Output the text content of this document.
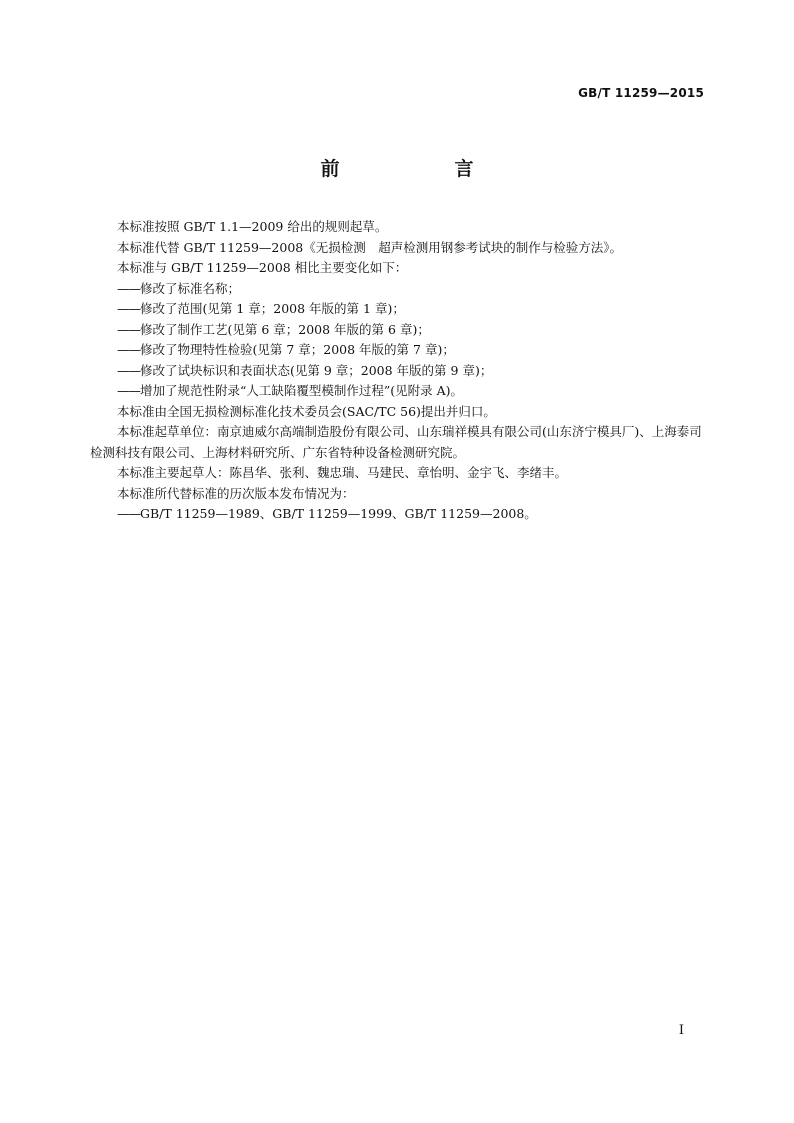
GB/T 11259—2015
前　言

本标准按照 GB/T 1.1—2009 给出的规则起草。

本标准代替 GB/T 11259—2008《无损检测　超声检测用钢参考试块的制作与检验方法》。

本标准与 GB/T 11259—2008 相比主要变化如下：

——修改了标准名称；

——修改了范围(见第 1 章；2008 年版的第 1 章)；

——修改了制作工艺(见第 6 章；2008 年版的第 6 章)；

——修改了物理特性检验(见第 7 章；2008 年版的第 7 章)；

——修改了试块标识和表面状态(见第 9 章；2008 年版的第 9 章)；

——增加了规范性附录“人工缺陷覆型模制作过程”(见附录 A)。

本标准由全国无损检测标准化技术委员会(SAC/TC 56)提出并归口。

本标准起草单位：南京迪威尔高端制造股份有限公司、山东瑞祥模具有限公司(山东济宁模具厂)、上海泰司检测科技有限公司、上海材料研究所、广东省特种设备检测研究院。

本标准主要起草人：陈昌华、张利、魏忠瑞、马建民、章怡明、金宇飞、李绪丰。

本标准所代替标准的历次版本发布情况为：

——GB/T 11259—1989、GB/T 11259—1999、GB/T 11259—2008。

I
